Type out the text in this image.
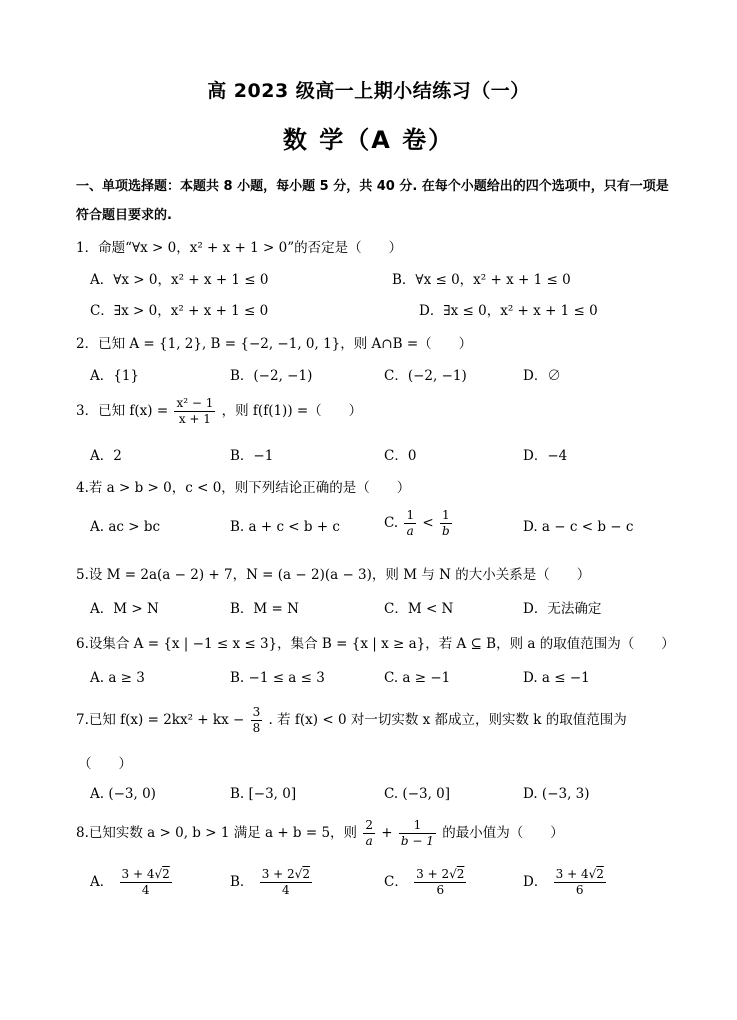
高 2023 级高一上期小结练习（一）
数 学（A 卷）
一、单项选择题：本题共 8 小题，每小题 5 分，共 40 分. 在每个小题给出的四个选项中，只有一项是符合题目要求的.
1．命题“∀x > 0，x² + x + 1 > 0”的否定是（　　）
A．∀x > 0，x² + x + 1 ≤ 0	B．∀x ≤ 0，x² + x + 1 ≤ 0
C．∃x > 0，x² + x + 1 ≤ 0	D．∃x ≤ 0，x² + x + 1 ≤ 0
2．已知 A = {1, 2}, B = {−2, −1, 0, 1}，则 A∩B =（　　）
A．{1}	B．(−2, −1)	C．(−2, −1)	D．∅
3．已知 $f(x) = \frac{\text{x² − 1}}{x + 1}$ ，则 f(f(1)) =（　　）
A．2	B．−1	C．0	D．−4
4.若 a > b > 0，c < 0，则下列结论正确的是（　　）
A. ac > bc	B. a + c < b + c	C. $\frac{1}{a} < \frac{1}{b}$	D. a − c < b − c
5.设 M = 2a(a − 2) + 7，N = (a − 2)(a − 3)，则 M 与 N 的大小关系是（　　）
A．M > N	B．M = N	C．M < N	D．无法确定
6.设集合 A = {x | −1 ≤ x ≤ 3}，集合 B = {x | x ≥ a}，若 A ⊆ B，则 a 的取值范围为（　　）
A. a ≥ 3	B. −1 ≤ a ≤ 3	C. a ≥ −1	D. a ≤ −1
7.已知 f(x) = 2kx² + kx − $\frac{3}{8}$ . 若 f(x) < 0 对一切实数 x 都成立，则实数 k 的取值范围为
（　　）
A. (−3, 0)	B. [−3, 0]	C. (−3, 0]	D. (−3, 3)
8.已知实数 a > 0, b > 1 满足 a + b = 5，则 $\frac{2}{a} + \frac{1}{b - 1}$ 的最小值为（　　）
A． $\frac{3 + 4√2}{4}$	B． $\frac{3 + 2√2}{4}$	C． $\frac{3 + 2√2}{6}$	D． $\frac{3 + 4√2}{6}$
